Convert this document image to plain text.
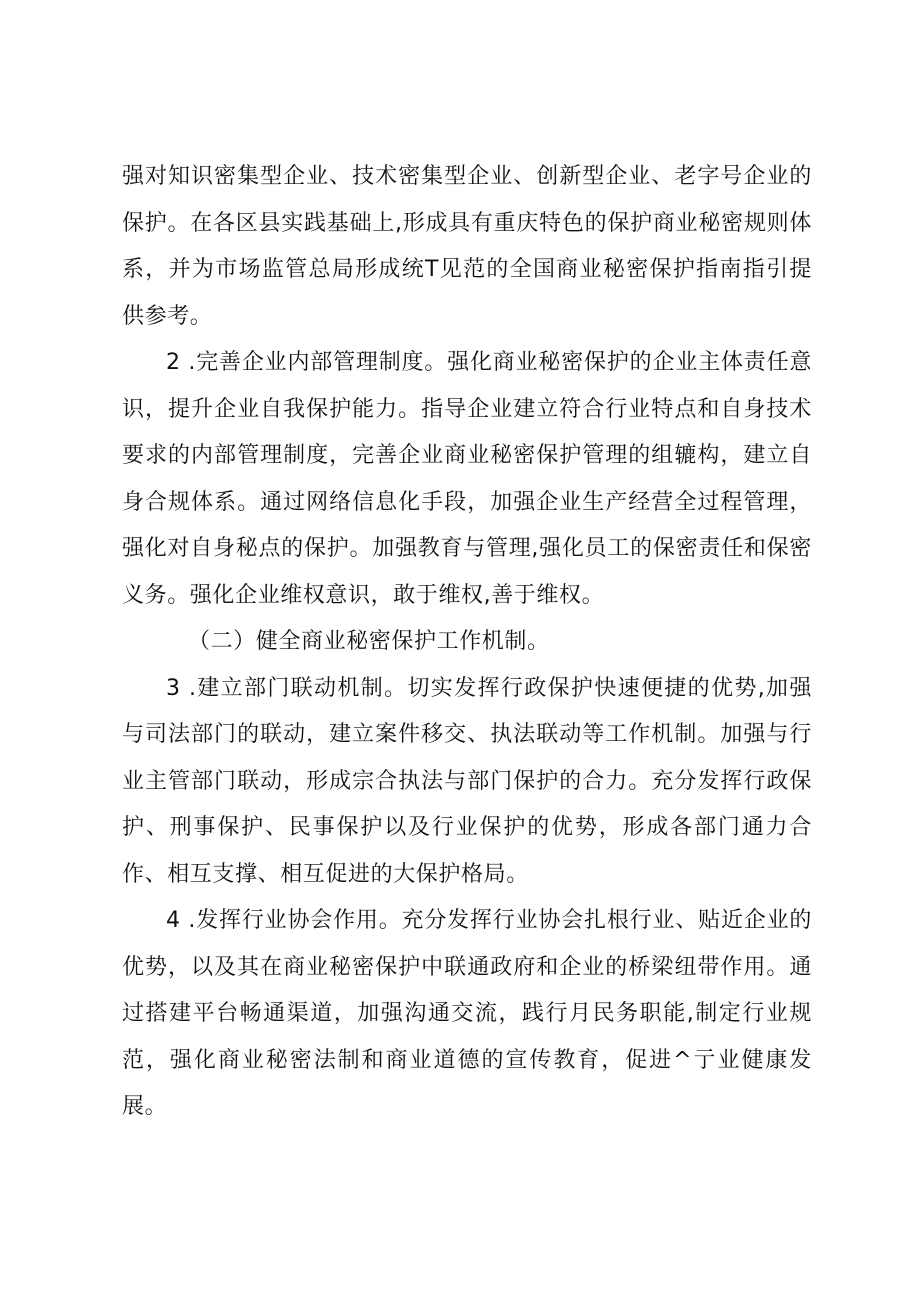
强对知识密集型企业、技术密集型企业、创新型企业、老字号企业的保护。在各区县实践基础上,形成具有重庆特色的保护商业秘密规则体系，并为市场监管总局形成统T见范的全国商业秘密保护指南指引提供参考。

2 .完善企业内部管理制度。强化商业秘密保护的企业主体责任意识，提升企业自我保护能力。指导企业建立符合行业特点和自身技术要求的内部管理制度，完善企业商业秘密保护管理的组辘构，建立自身合规体系。通过网络信息化手段，加强企业生产经营全过程管理，强化对自身秘点的保护。加强教育与管理,强化员工的保密责任和保密义务。强化企业维权意识，敢于维权,善于维权。

（二）健全商业秘密保护工作机制。

3 .建立部门联动机制。切实发挥行政保护快速便捷的优势,加强与司法部门的联动，建立案件移交、执法联动等工作机制。加强与行业主管部门联动，形成宗合执法与部门保护的合力。充分发挥行政保护、刑事保护、民事保护以及行业保护的优势，形成各部门通力合作、相互支撑、相互促进的大保护格局。

4 .发挥行业协会作用。充分发挥行业协会扎根行业、贴近企业的优势，以及其在商业秘密保护中联通政府和企业的桥梁纽带作用。通过搭建平台畅通渠道，加强沟通交流，践行月民务职能,制定行业规范，强化商业秘密法制和商业道德的宣传教育，促进^亍业健康发展。
